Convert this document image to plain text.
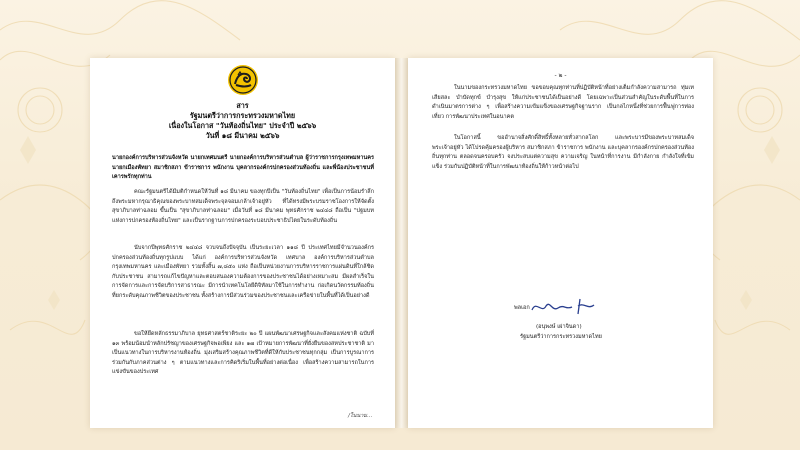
สาร
รัฐมนตรีว่าการกระทรวงมหาดไทย
เนื่องในโอกาส "วันท้องถิ่นไทย" ประจำปี ๒๕๖๖
วันที่ ๑๘ มีนาคม ๒๕๖๖

นายกองค์การบริหารส่วนจังหวัด นายกเทศมนตรี นายกองค์การบริหารส่วนตำบล ผู้ว่าราชการกรุงเทพมหานคร นายกเมืองพัทยา สมาชิกสภา ข้าราชการ พนักงาน บุคลากรองค์กรปกครองส่วนท้องถิ่น และพี่น้องประชาชนที่เคารพรักทุกท่าน

คณะรัฐมนตรีได้มีมติกำหนดให้วันที่ ๑๘ มีนาคม ของทุกปีเป็น "วันท้องถิ่นไทย" เพื่อเป็นการน้อมรำลึกถึงพระมหากรุณาธิคุณของพระบาทสมเด็จพระจุลจอมเกล้าเจ้าอยู่หัว ที่ได้ทรงมีพระบรมราชโองการให้จัดตั้งสุขาภิบาลท่าฉลอม ขึ้นเป็น "สุขาภิบาลท่าฉลอม" เมื่อวันที่ ๑๘ มีนาคม พุทธศักราช ๒๔๔๘ ถือเป็น "ปฐมบทแห่งการปกครองท้องถิ่นไทย" และเป็นรากฐานการปกครองระบอบประชาธิปไตยในระดับท้องถิ่น

นับจากปีพุทธศักราช ๒๔๔๘ จวบจนถึงปัจจุบัน เป็นระยะเวลา ๑๑๘ ปี ประเทศไทยมีจำนวนองค์กรปกครองส่วนท้องถิ่นทุกรูปแบบ ได้แก่ องค์การบริหารส่วนจังหวัด เทศบาล องค์การบริหารส่วนตำบล กรุงเทพมหานคร และเมืองพัทยา รวมทั้งสิ้น ๗,๘๕๐ แห่ง ถือเป็นหน่วยงานการบริหารราชการแผ่นดินที่ใกล้ชิดกับประชาชน สามารถแก้ไขปัญหาและตอบสนองความต้องการของประชาชนได้อย่างเหมาะสม มีผลสำเร็จในการจัดการและการจัดบริการสาธารณะ มีการนำเทคโนโลยีดิจิทัลมาใช้ในการทำงาน ก่อเกิดนวัตกรรมท้องถิ่น ที่ยกระดับคุณภาพชีวิตของประชาชน ทั้งสร้างการมีส่วนร่วมของประชาชนและเครือข่ายในพื้นที่ได้เป็นอย่างดี

ขอให้ยึดหลักธรรมาภิบาล ยุทธศาสตร์ชาติระยะ ๒๐ ปี แผนพัฒนาเศรษฐกิจและสังคมแห่งชาติ ฉบับที่ ๑๓ พร้อมน้อมนำหลักปรัชญาของเศรษฐกิจพอเพียง และ ๑๗ เป้าหมายการพัฒนาที่ยั่งยืนของสหประชาชาติ มาเป็นแนวทางในการบริหารงานท้องถิ่น มุ่งเสริมสร้างคุณภาพชีวิตที่ดีให้กับประชาชนทุกกลุ่ม เป็นการบูรณาการร่วมกันกับภาคส่วนต่าง ๆ ตามแนวทางและการคิดริเริ่มในพื้นที่อย่างต่อเนื่อง เพื่อสร้างความสามารถในการแข่งขันของประเทศ

/ในนาม...
- ๒ -

ในนามของกระทรวงมหาดไทย ขอขอบคุณทุกท่านที่ปฏิบัติหน้าที่อย่างเต็มกำลังความสามารถ ทุ่มเท เสียสละ บำบัดทุกข์ บำรุงสุข ให้แก่ประชาชนได้เป็นอย่างดี โดยเฉพาะเป็นส่วนสำคัญในระดับพื้นที่ในการดำเนินมาตรการต่าง ๆ เพื่อสร้างความเข้มแข็งของเศรษฐกิจฐานราก เป็นกลไกหนึ่งที่ช่วยการฟื้นฟูการท่องเที่ยว การพัฒนาประเทศในอนาคต

ในโอกาสนี้ ขออำนาจสิ่งศักดิ์สิทธิ์ทั้งหลายทั่วสากลโลก และพระบารมีของพระบาทสมเด็จพระเจ้าอยู่หัว ได้โปรดคุ้มครองผู้บริหาร สมาชิกสภา ข้าราชการ พนักงาน และบุคลากรองค์กรปกครองส่วนท้องถิ่นทุกท่าน ตลอดจนครอบครัว จงประสบแต่ความสุข ความเจริญ ในหน้าที่การงาน มีกำลังกาย กำลังใจที่เข้มแข็ง ร่วมกันปฏิบัติหน้าที่ในการพัฒนาท้องถิ่นให้ก้าวหน้าต่อไป

พลเอก
(อนุพงษ์ เผ่าจินดา)
รัฐมนตรีว่าการกระทรวงมหาดไทย
